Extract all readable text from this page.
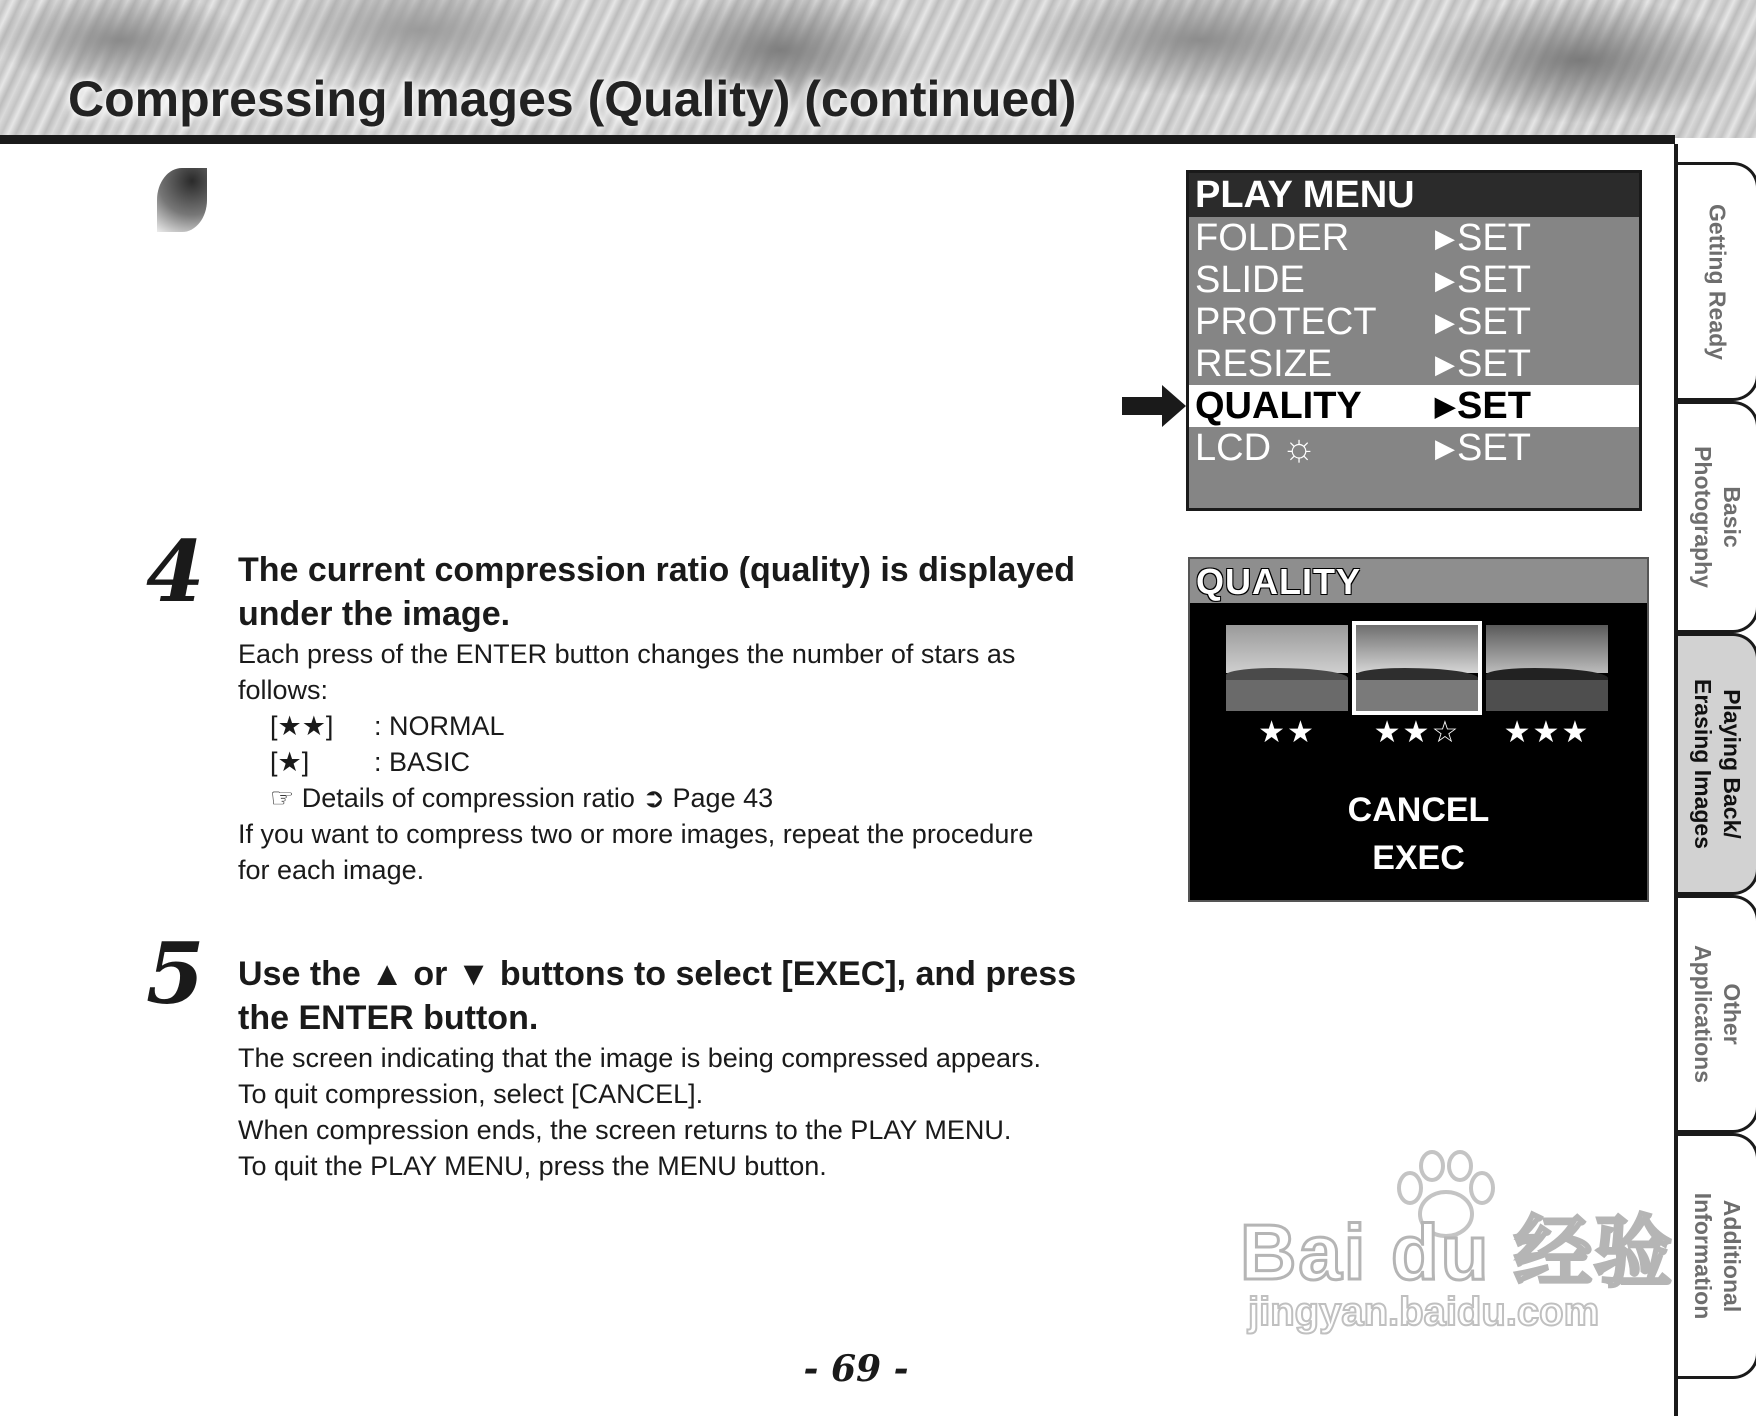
Compressing Images (Quality) (continued)
Getting Ready
Basic
Photography
Playing Back/
Erasing Images
Other
Applications
Additional
Information
PLAY MENU
FOLDER	▶SET
SLIDE	▶SET
PROTECT ▶SET
RESIZE	▶SET
QUALITY	▶SET
LCD ☼	▶SET
QUALITY
★★	★★☆	★★★
CANCEL
EXEC
4 The current compression ratio (quality) is displayed
under the image.
Each press of the ENTER button changes the number of stars as
follows:
[★★] : NORMAL
[★] : BASIC
☞ Details of compression ratio ➲ Page 43
If you want to compress two or more images, repeat the procedure
for each image.
5 Use the ▲ or ▼ buttons to select [EXEC], and press
the ENTER button.
The screen indicating that the image is being compressed appears.
To quit compression, select [CANCEL].
When compression ends, the screen returns to the PLAY MENU.
To quit the PLAY MENU, press the MENU button.
Bai du 经验
jingyan.baidu.com
- 69 -
